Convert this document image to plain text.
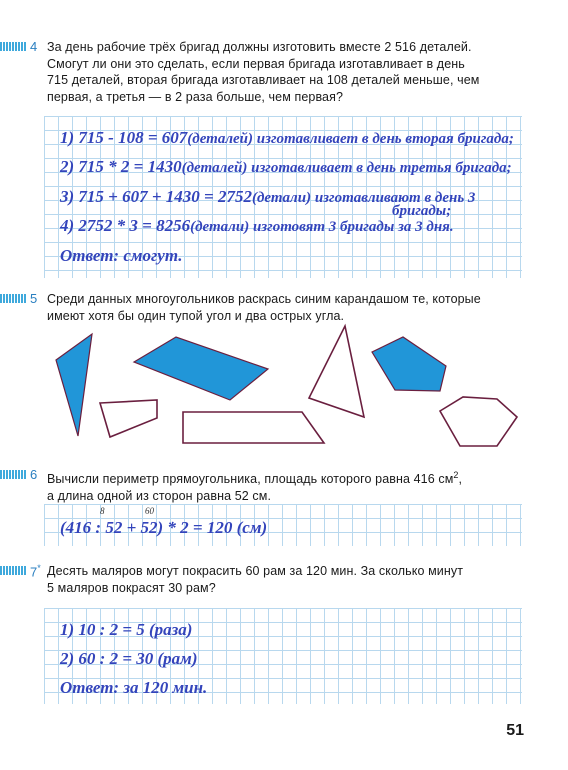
4 За день рабочие трёх бригад должны изготовить вместе 2 516 деталей.
Смогут ли они это сделать, если первая бригада изготавливает в день
715 деталей, вторая бригада изготавливает на 108 деталей меньше, чем
первая, а третья — в 2 раза больше, чем первая?
1) 715 - 108 = 607(деталей) изготавливает в день вторая бригада;
2) 715 * 2 = 1430(деталей) изготавливает в день третья бригада;
3) 715 + 607 + 1430 = 2752(детали) изготавливают в день 3
бригады;
4) 2752 * 3 = 8256(детали) изготовят 3 бригады за 3 дня.
Ответ: смогут.
5 Среди данных многоугольников раскрась синим карандашом те, которые
имеют хотя бы один тупой угол и два острых угла.
6 Вычисли периметр прямоугольника, площадь которого равна 416 $см^2$,
а длина одной из сторон равна 52 см.
8	60
(416 : 52 + 52) * 2 = 120 (см)
7* Десять маляров могут покрасить 60 рам за 120 мин. За сколько минут
5 маляров покрасят 30 рам?
1) 10 : 2 = 5 (раза)
2) 60 : 2 = 30 (рам)
Ответ: за 120 мин.
51
